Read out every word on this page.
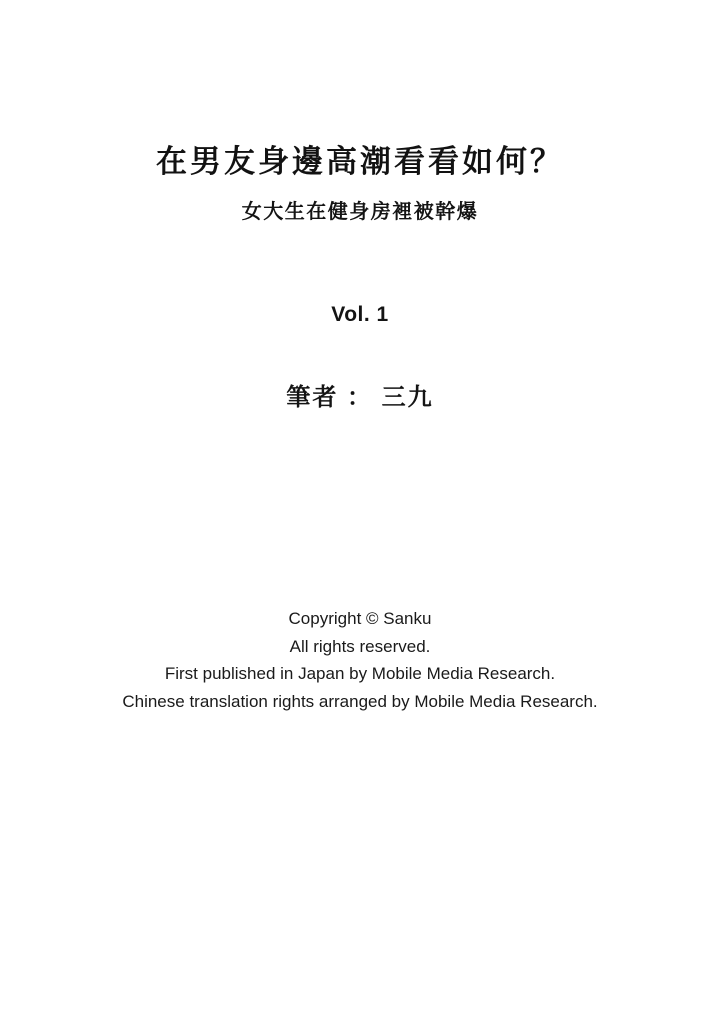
在男友身邊高潮看看如何？
女大生在健身房裡被幹爆
Vol. 1
筆者 ： 三九
Copyright © Sanku
All rights reserved.
First published in Japan by Mobile Media Research.
Chinese translation rights arranged by Mobile Media Research.
